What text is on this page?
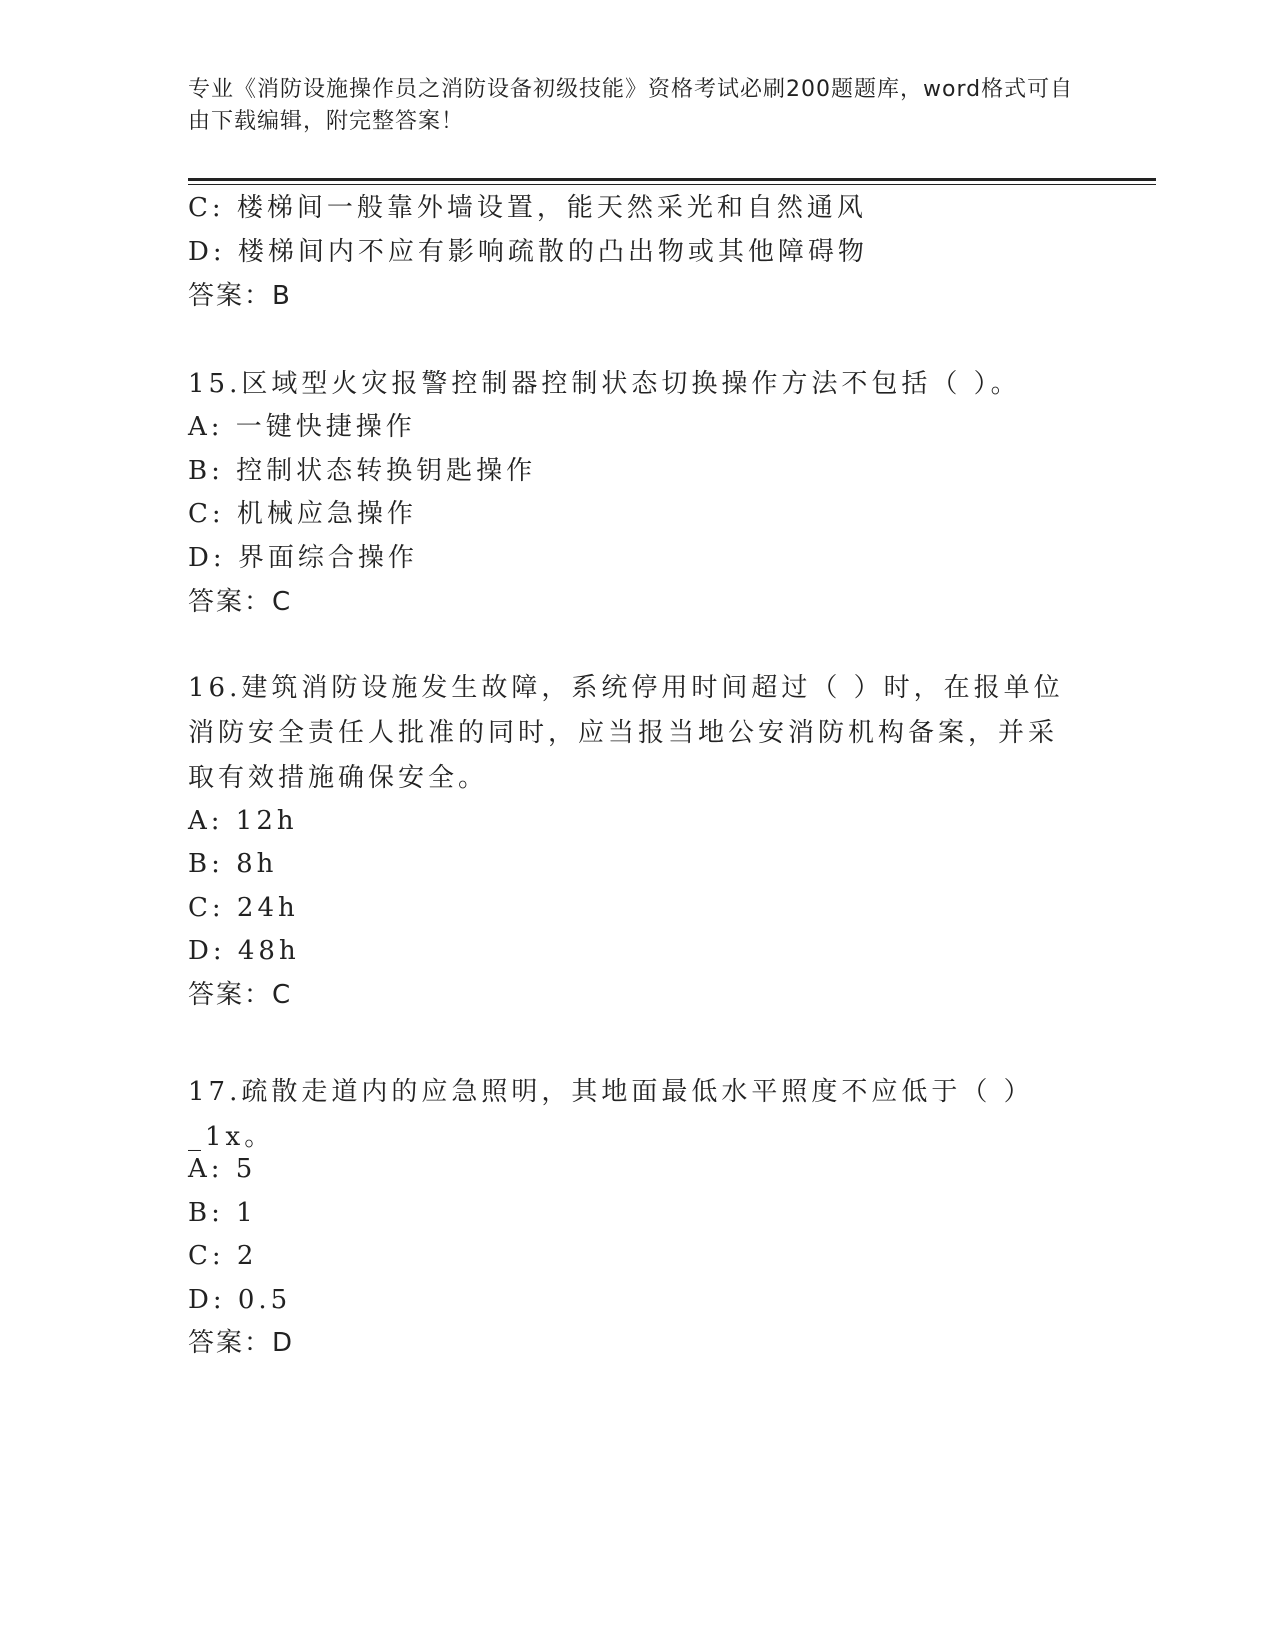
专业《消防设施操作员之消防设备初级技能》资格考试必刷200题题库，word格式可自由下载编辑，附完整答案！
C: 楼梯间一般靠外墙设置，能天然采光和自然通风
D: 楼梯间内不应有影响疏散的凸出物或其他障碍物
答案：B
15.区域型火灾报警控制器控制状态切换操作方法不包括（ ）。
A: 一键快捷操作
B: 控制状态转换钥匙操作
C: 机械应急操作
D: 界面综合操作
答案：C
16.建筑消防设施发生故障，系统停用时间超过（ ）时，在报单位消防安全责任人批准的同时，应当报当地公安消防机构备案，并采取有效措施确保安全。
A: 12h
B: 8h
C: 24h
D: 48h
答案：C
17.疏散走道内的应急照明，其地面最低水平照度不应低于（ ）_1x。
A: 5
B: 1
C: 2
D: 0.5
答案：D
